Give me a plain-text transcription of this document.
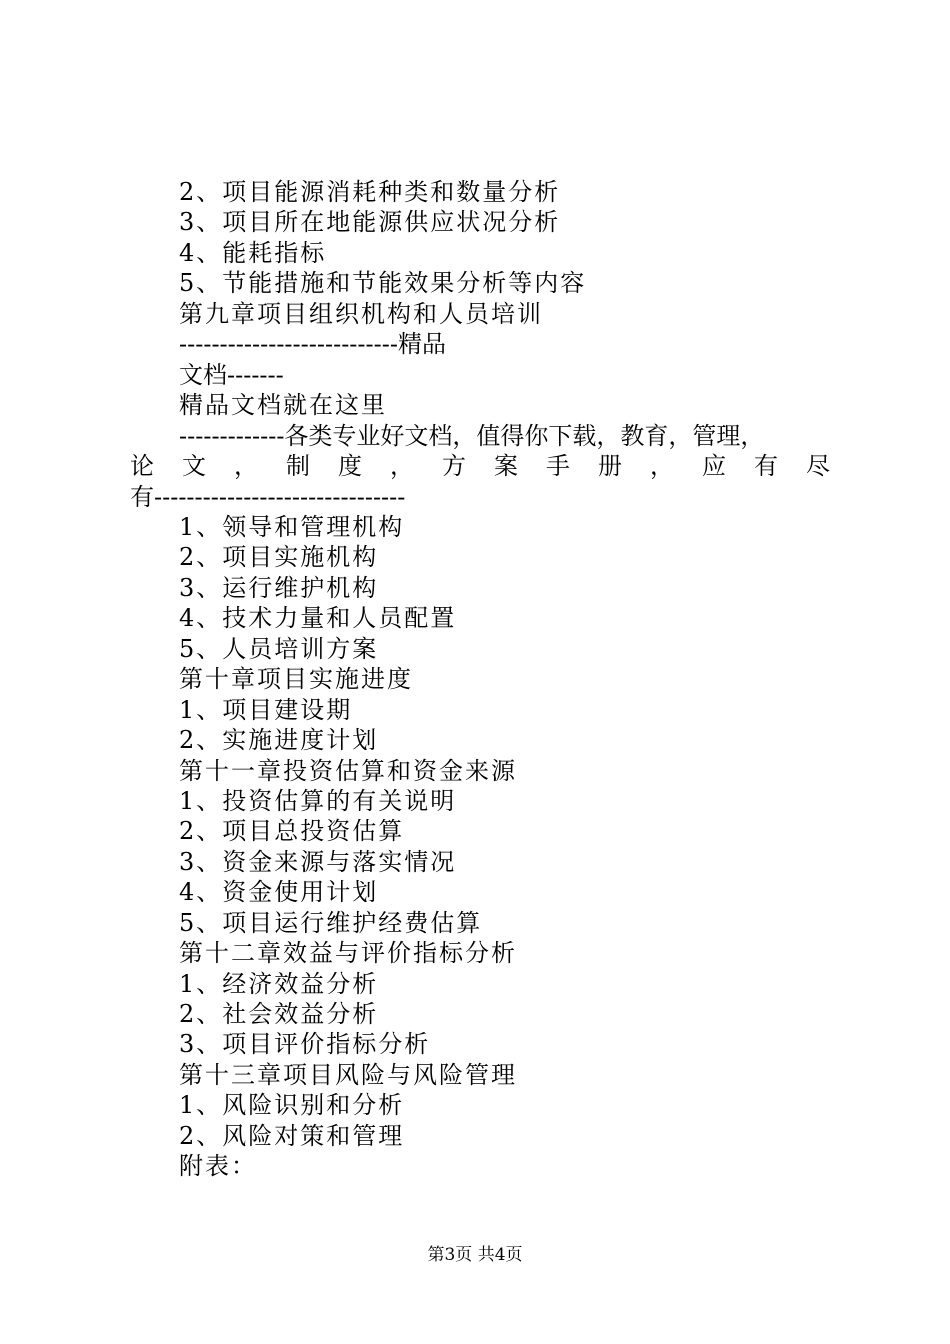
2、项目能源消耗种类和数量分析
3、项目所在地能源供应状况分析
4、能耗指标
5、节能措施和节能效果分析等内容
第九章项目组织机构和人员培训
---------------------------精品
文档-------
精品文档就在这里
-------------各类专业好文档，值得你下载，教育，管理，
论 文 ， 制 度 ， 方 案 手 册 ， 应 有 尽
有-------------------------------
1、领导和管理机构
2、项目实施机构
3、运行维护机构
4、技术力量和人员配置
5、人员培训方案
第十章项目实施进度
1、项目建设期
2、实施进度计划
第十一章投资估算和资金来源
1、投资估算的有关说明
2、项目总投资估算
3、资金来源与落实情况
4、资金使用计划
5、项目运行维护经费估算
第十二章效益与评价指标分析
1、经济效益分析
2、社会效益分析
3、项目评价指标分析
第十三章项目风险与风险管理
1、风险识别和分析
2、风险对策和管理
附表：
第3页 共4页
